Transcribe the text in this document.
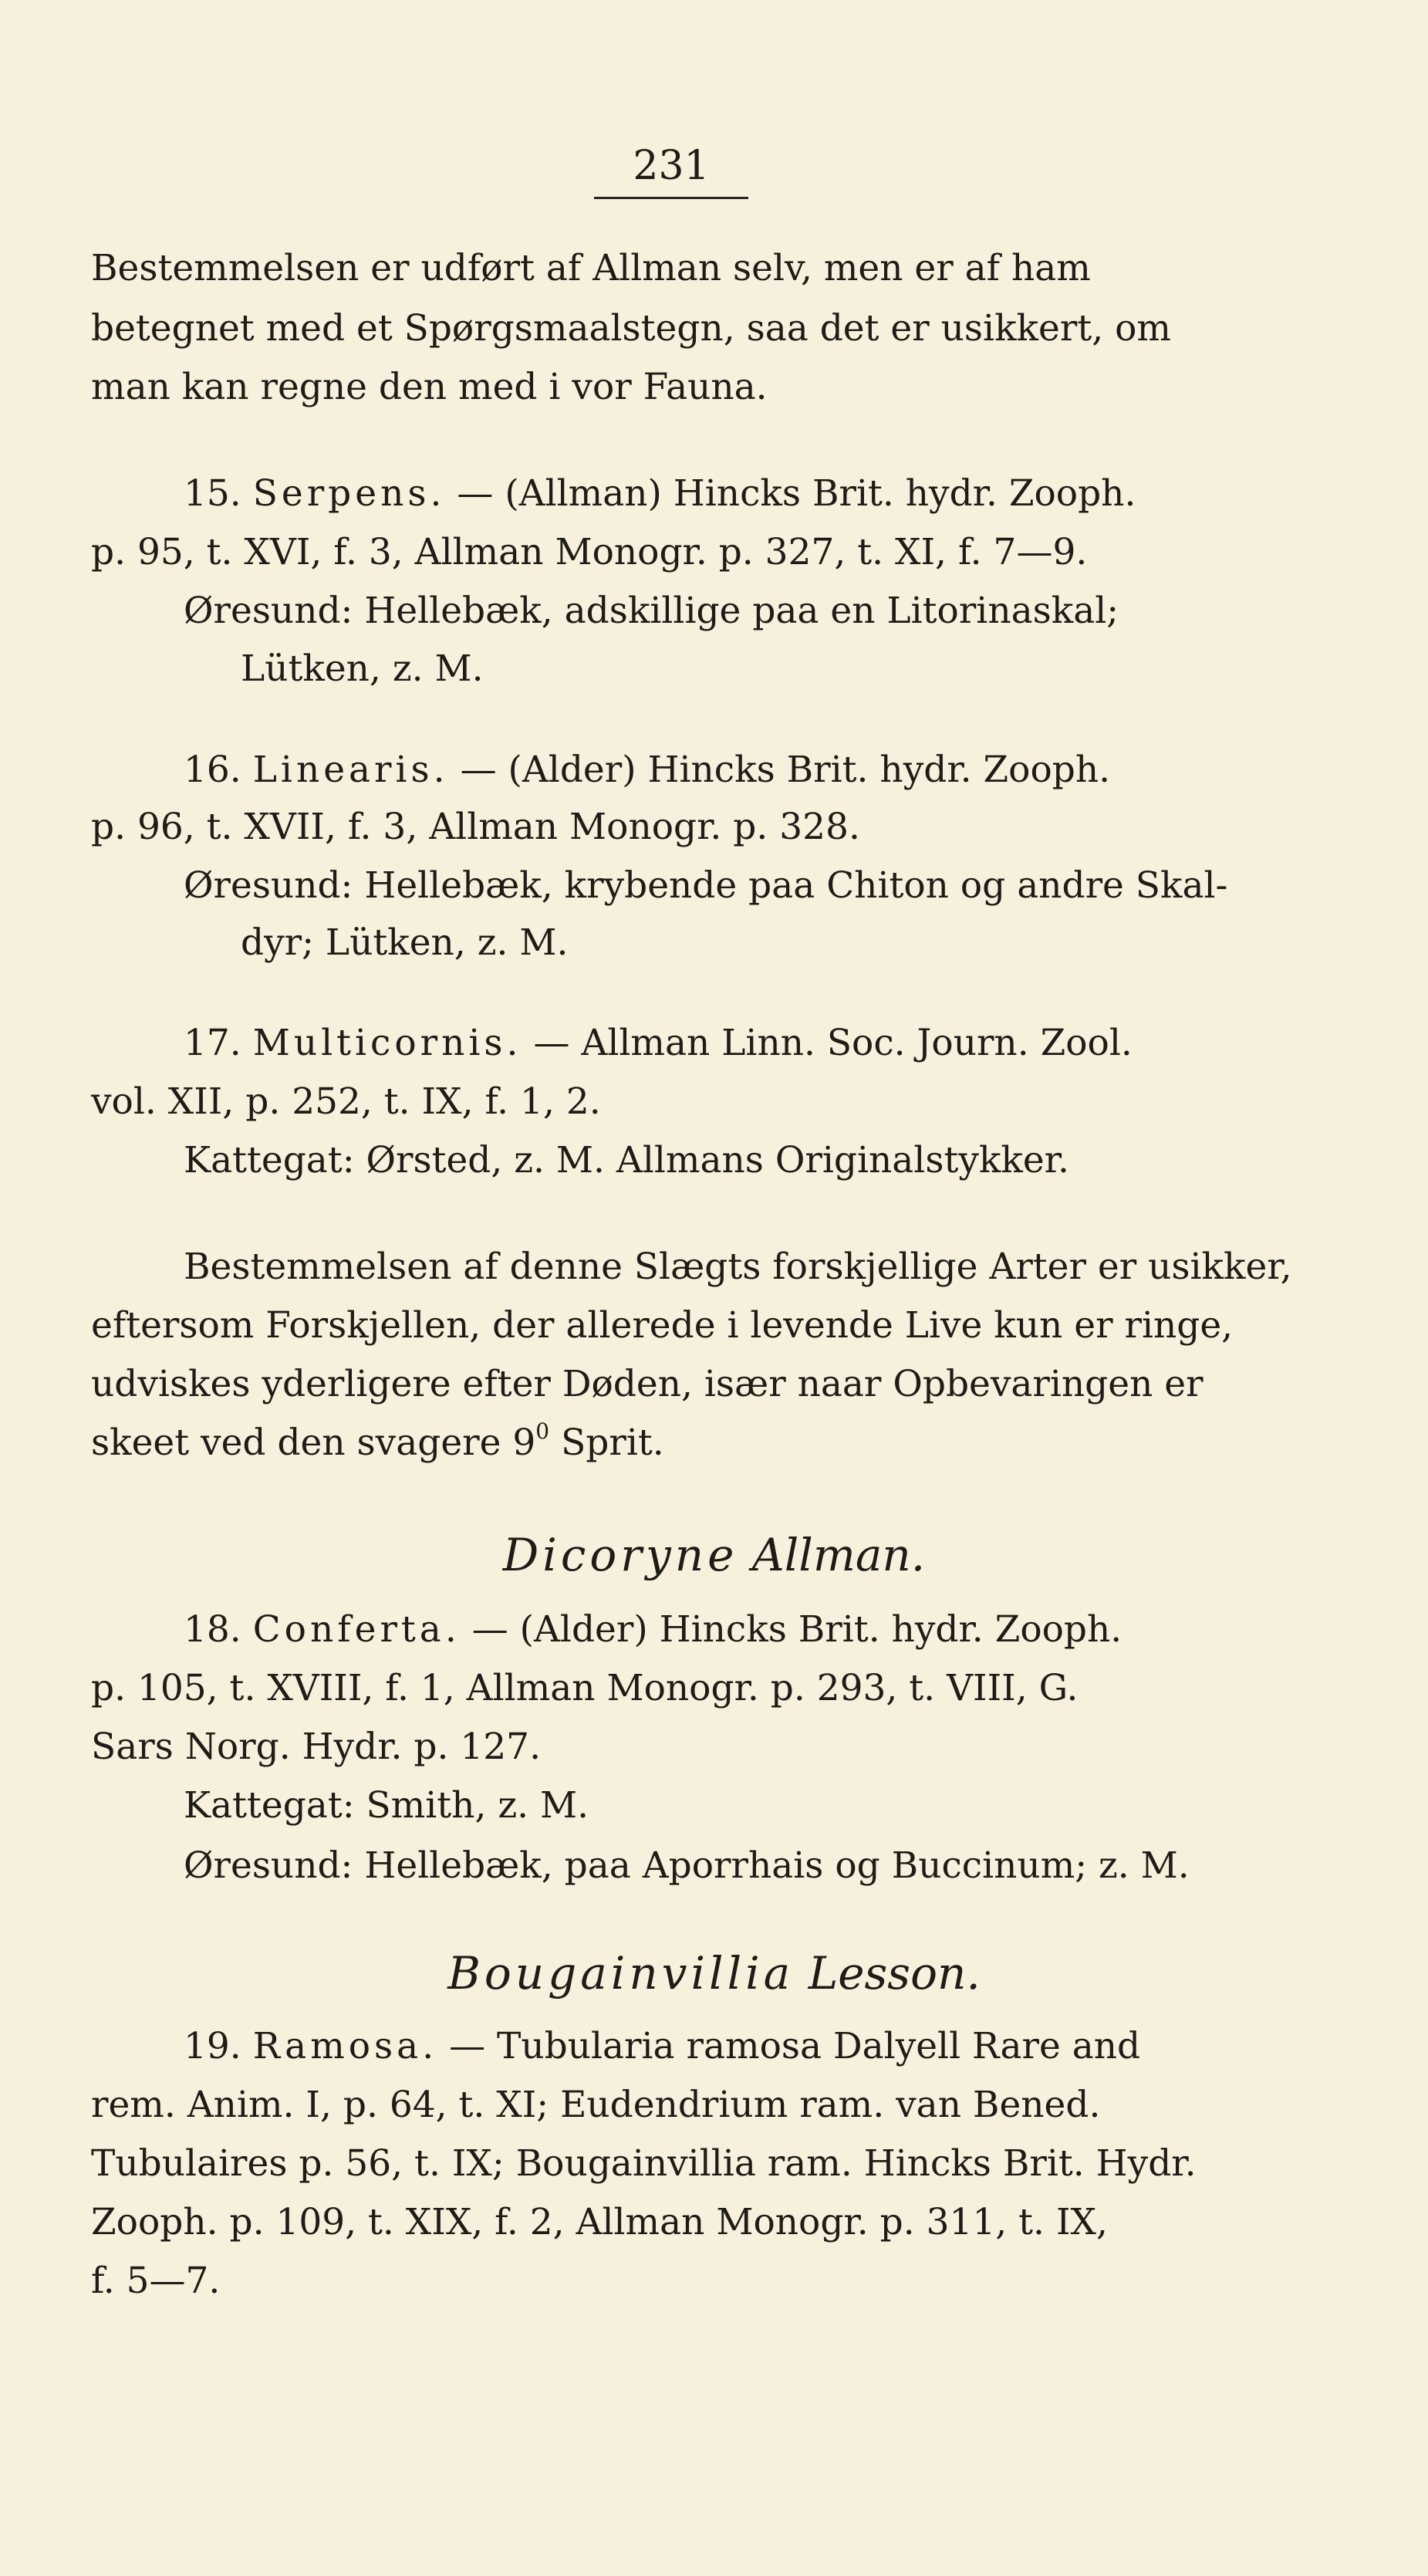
231
Bestemmelsen er udført af Allman selv, men er af ham
betegnet med et Spørgsmaalstegn, saa det er usikkert, om
man kan regne den med i vor Fauna.
15. Serpens. — (Allman) Hincks Brit. hydr. Zooph.
p. 95, t. XVI, f. 3, Allman Monogr. p. 327, t. XI, f. 7—9.
Øresund: Hellebæk, adskillige paa en Litorinaskal;
Lütken, z. M.
16. Linearis. — (Alder) Hincks Brit. hydr. Zooph.
p. 96, t. XVII, f. 3, Allman Monogr. p. 328.
Øresund: Hellebæk, krybende paa Chiton og andre Skal-
dyr; Lütken, z. M.
17. Multicornis. — Allman Linn. Soc. Journ. Zool.
vol. XII, p. 252, t. IX, f. 1, 2.
Kattegat: Ørsted, z. M. Allmans Originalstykker.
Bestemmelsen af denne Slægts forskjellige Arter er usikker,
eftersom Forskjellen, der allerede i levende Live kun er ringe,
udviskes yderligere efter Døden, især naar Opbevaringen er
skeet ved den svagere $9^0$ Sprit.
Dicoryne Allman.
18. Conferta. — (Alder) Hincks Brit. hydr. Zooph.
p. 105, t. XVIII, f. 1, Allman Monogr. p. 293, t. VIII, G.
Sars Norg. Hydr. p. 127.
Kattegat: Smith, z. M.
Øresund: Hellebæk, paa Aporrhais og Buccinum; z. M.
Bougainvillia Lesson.
19. Ramosa. — Tubularia ramosa Dalyell Rare and
rem. Anim. I, p. 64, t. XI; Eudendrium ram. van Bened.
Tubulaires p. 56, t. IX; Bougainvillia ram. Hincks Brit. Hydr.
Zooph. p. 109, t. XIX, f. 2, Allman Monogr. p. 311, t. IX,
f. 5—7.
